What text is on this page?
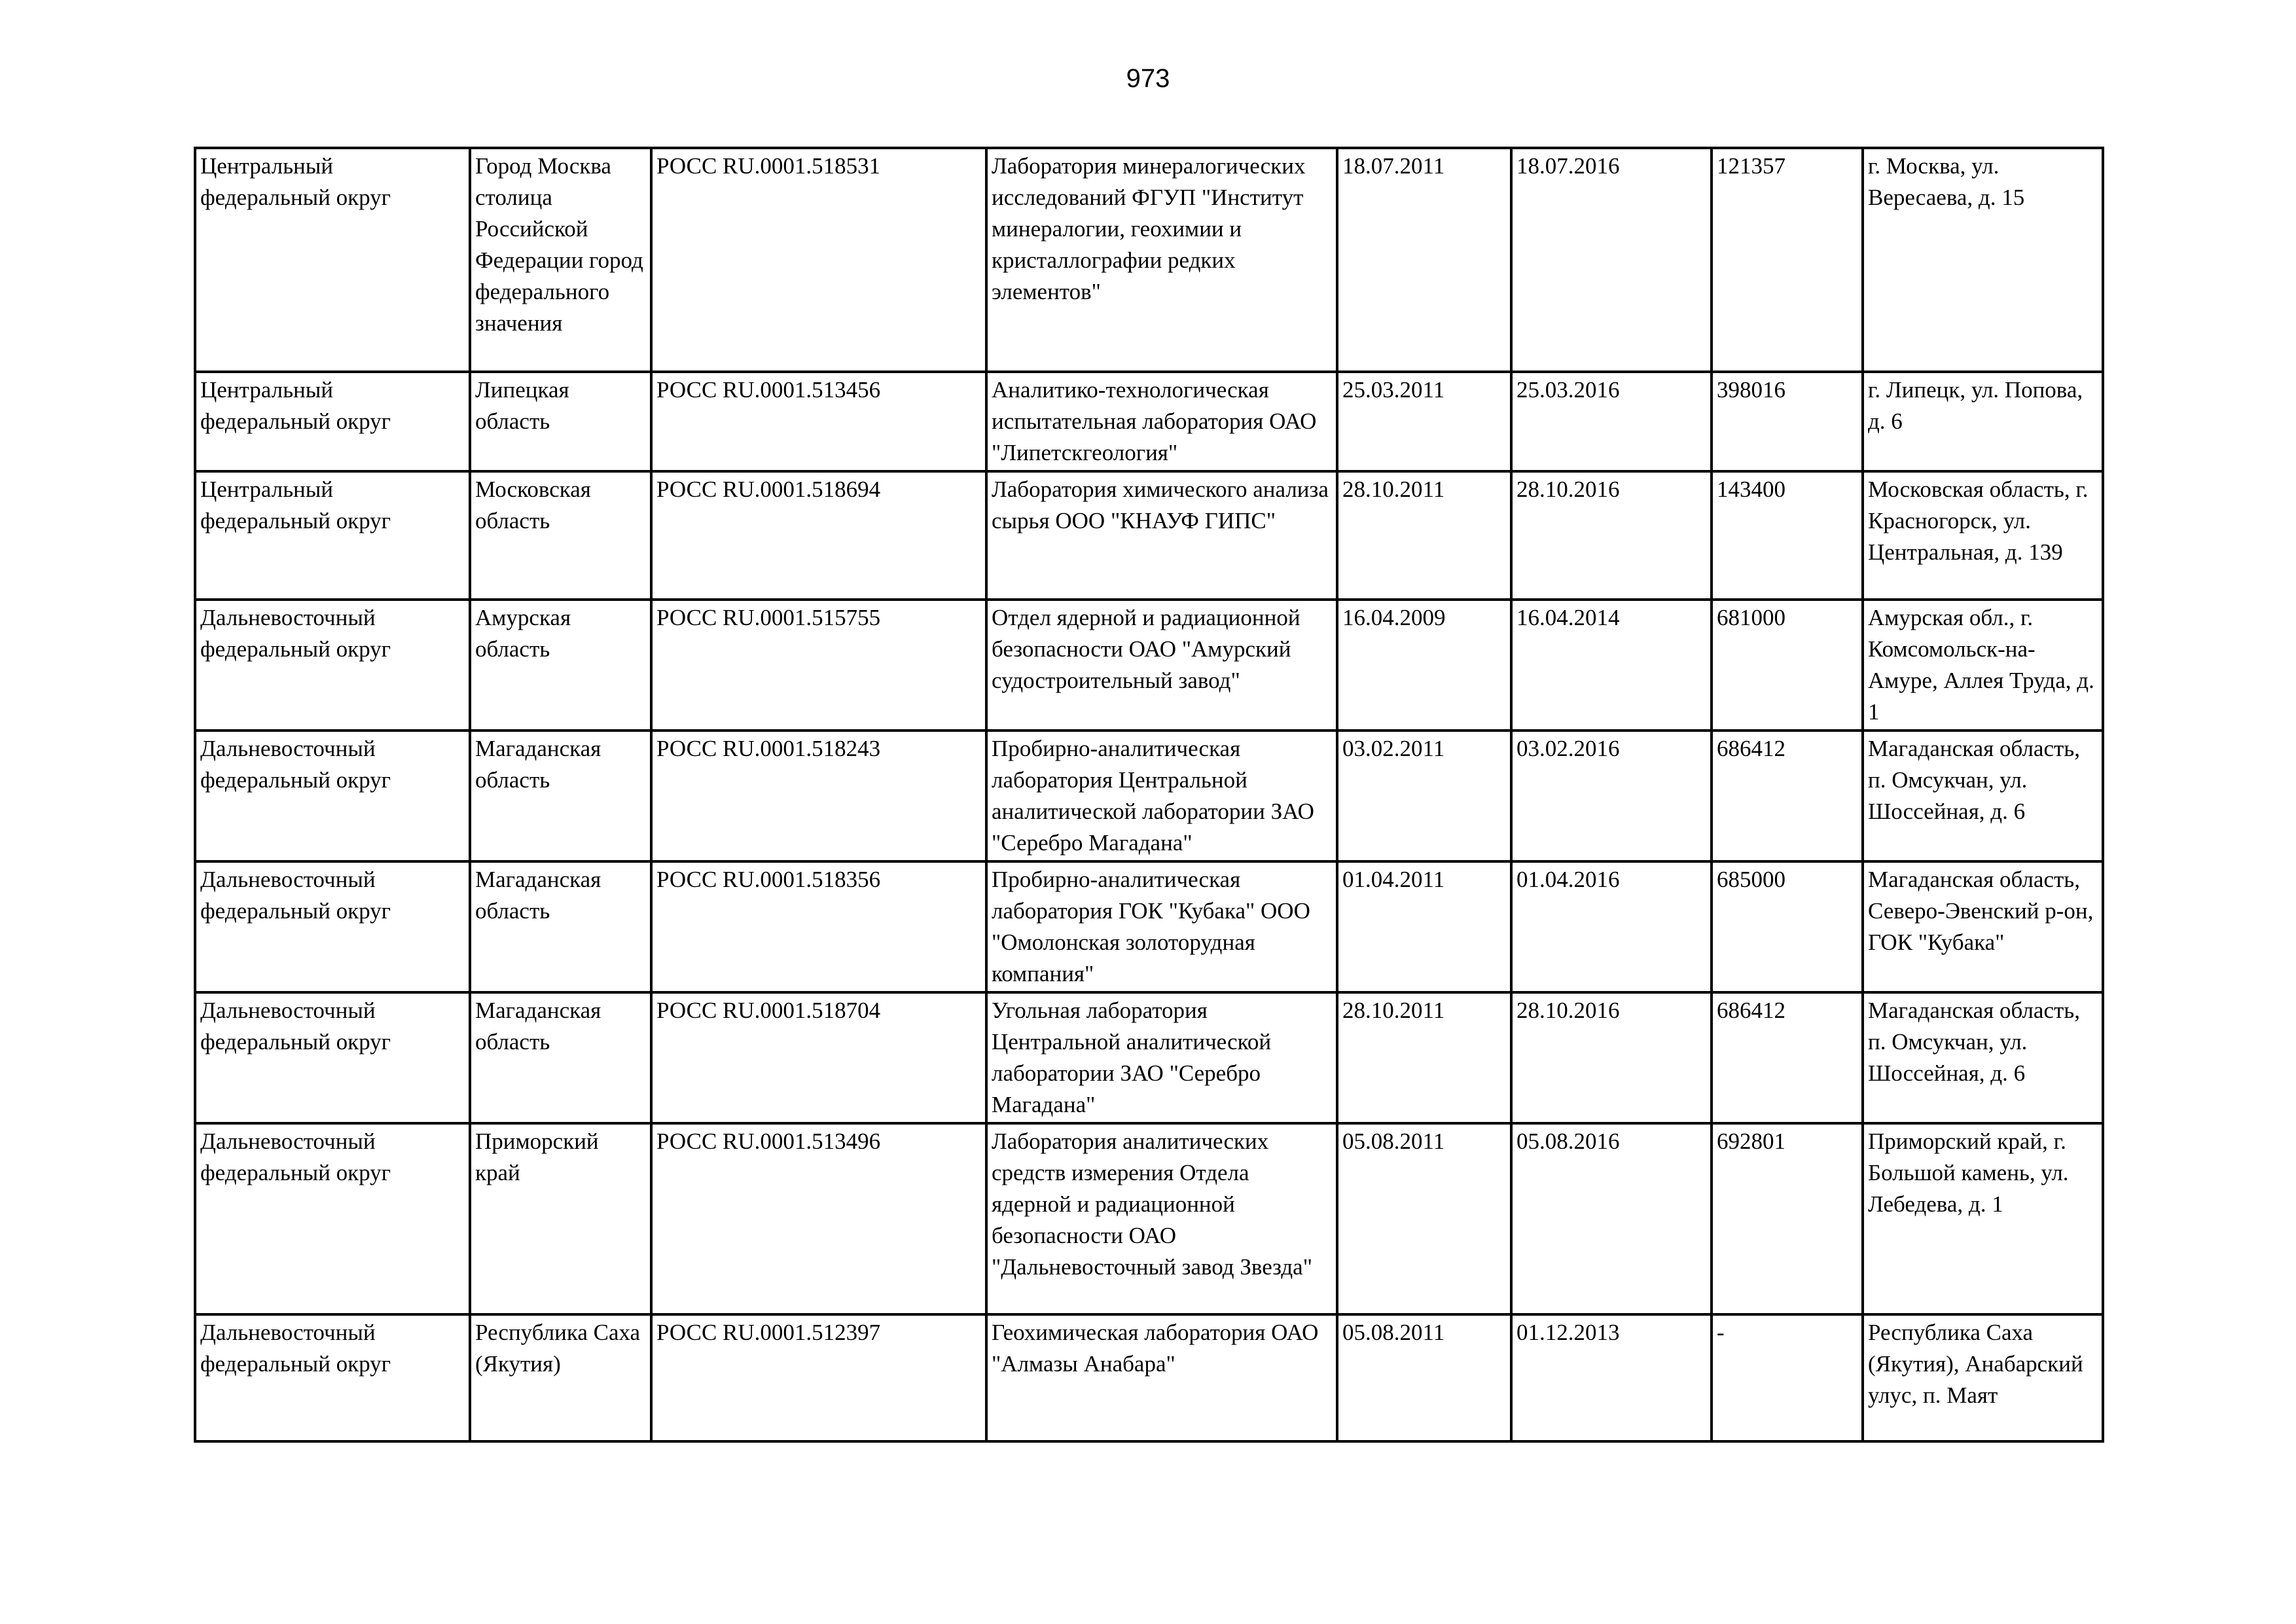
973
Центральный федеральный округ	Город Москва столица Российской Федерации город федерального значения	РОСС RU.0001.518531	Лаборатория минералогических исследований ФГУП "Институт минералогии, геохимии и кристаллографии редких элементов"	18.07.2011	18.07.2016	121357	г. Москва, ул. Вересаева, д. 15
Центральный федеральный округ	Липецкая область	РОСС RU.0001.513456	Аналитико-технологическая испытательная лаборатория ОАО "Липетскгеология"	25.03.2011	25.03.2016	398016	г. Липецк, ул. Попова, д. 6
Центральный федеральный округ	Московская область	РОСС RU.0001.518694	Лаборатория химического анализа сырья ООО "КНАУФ ГИПС"	28.10.2011	28.10.2016	143400	Московская область, г. Красногорск, ул. Центральная, д. 139
Дальневосточный федеральный округ	Амурская область	РОСС RU.0001.515755	Отдел ядерной и радиационной безопасности ОАО "Амурский судостроительный завод"	16.04.2009	16.04.2014	681000	Амурская обл., г. Комсомольск-на-Амуре, Аллея Труда, д. 1
Дальневосточный федеральный округ	Магаданская область	РОСС RU.0001.518243	Пробирно-аналитическая лаборатория Центральной аналитической лаборатории ЗАО "Серебро Магадана"	03.02.2011	03.02.2016	686412	Магаданская область, п. Омсукчан, ул. Шоссейная, д. 6
Дальневосточный федеральный округ	Магаданская область	РОСС RU.0001.518356	Пробирно-аналитическая лаборатория ГОК "Кубака" ООО "Омолонская золоторудная компания"	01.04.2011	01.04.2016	685000	Магаданская область, Северо-Эвенский р-он, ГОК "Кубака"
Дальневосточный федеральный округ	Магаданская область	РОСС RU.0001.518704	Угольная лаборатория Центральной аналитической лаборатории ЗАО "Серебро Магадана"	28.10.2011	28.10.2016	686412	Магаданская область, п. Омсукчан, ул. Шоссейная, д. 6
Дальневосточный федеральный округ	Приморский край	РОСС RU.0001.513496	Лаборатория аналитических средств измерения Отдела ядерной и радиационной безопасности ОАО "Дальневосточный завод Звезда"	05.08.2011	05.08.2016	692801	Приморский край, г. Большой камень, ул. Лебедева, д. 1
Дальневосточный федеральный округ	Республика Саха (Якутия)	РОСС RU.0001.512397	Геохимическая лаборатория ОАО "Алмазы Анабара"	05.08.2011	01.12.2013	-	Республика Саха (Якутия), Анабарский улус, п. Маят
